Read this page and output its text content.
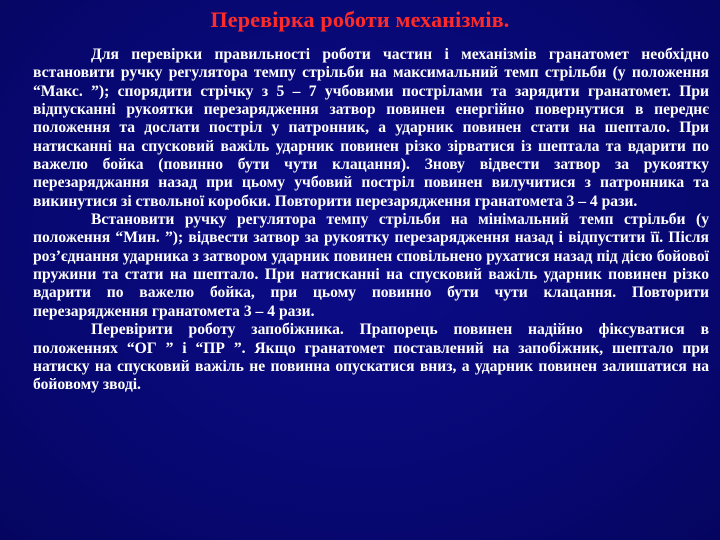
Перевірка роботи механізмів.

Для перевірки правильності роботи частин і механізмів гранатомет необхідно встановити ручку регулятора темпу стрільби на максимальний темп стрільби (у положення “Макс. ”); спорядити стрічку з 5 – 7 учбовими пострілами та зарядити гранатомет. При відпусканні рукоятки перезарядження затвор повинен енергійно повернутися в переднє положення та дослати постріл у патронник, а ударник повинен стати на шептало. При натисканні на спусковий важіль ударник повинен різко зірватися із шептала та вдарити по важелю бойка (повинно бути чути клацання). Знову відвести затвор за рукоятку перезаряджання назад при цьому учбовий постріл повинен вилучитися з патронника та викинутися зі ствольної коробки. Повторити перезарядження гранатомета 3 – 4 рази.

Встановити ручку регулятора темпу стрільби на мінімальний темп стрільби (у положення “Мин. ”); відвести затвор за рукоятку перезарядження назад і відпустити її. Після роз’єднання ударника з затвором ударник повинен сповільнено рухатися назад під дією бойової пружини та стати на шептало. При натисканні на спусковий важіль ударник повинен різко вдарити по важелю бойка, при цьому повинно бути чути клацання. Повторити перезарядження гранатомета 3 – 4 рази.

Перевірити роботу запобіжника. Прапорець повинен надійно фіксуватися в положеннях “ОГ ” і “ПР ”. Якщо гранатомет поставлений на запобіжник, шептало при натиску на спусковий важіль не повинна опускатися вниз, а ударник повинен залишатися на бойовому зводі.
